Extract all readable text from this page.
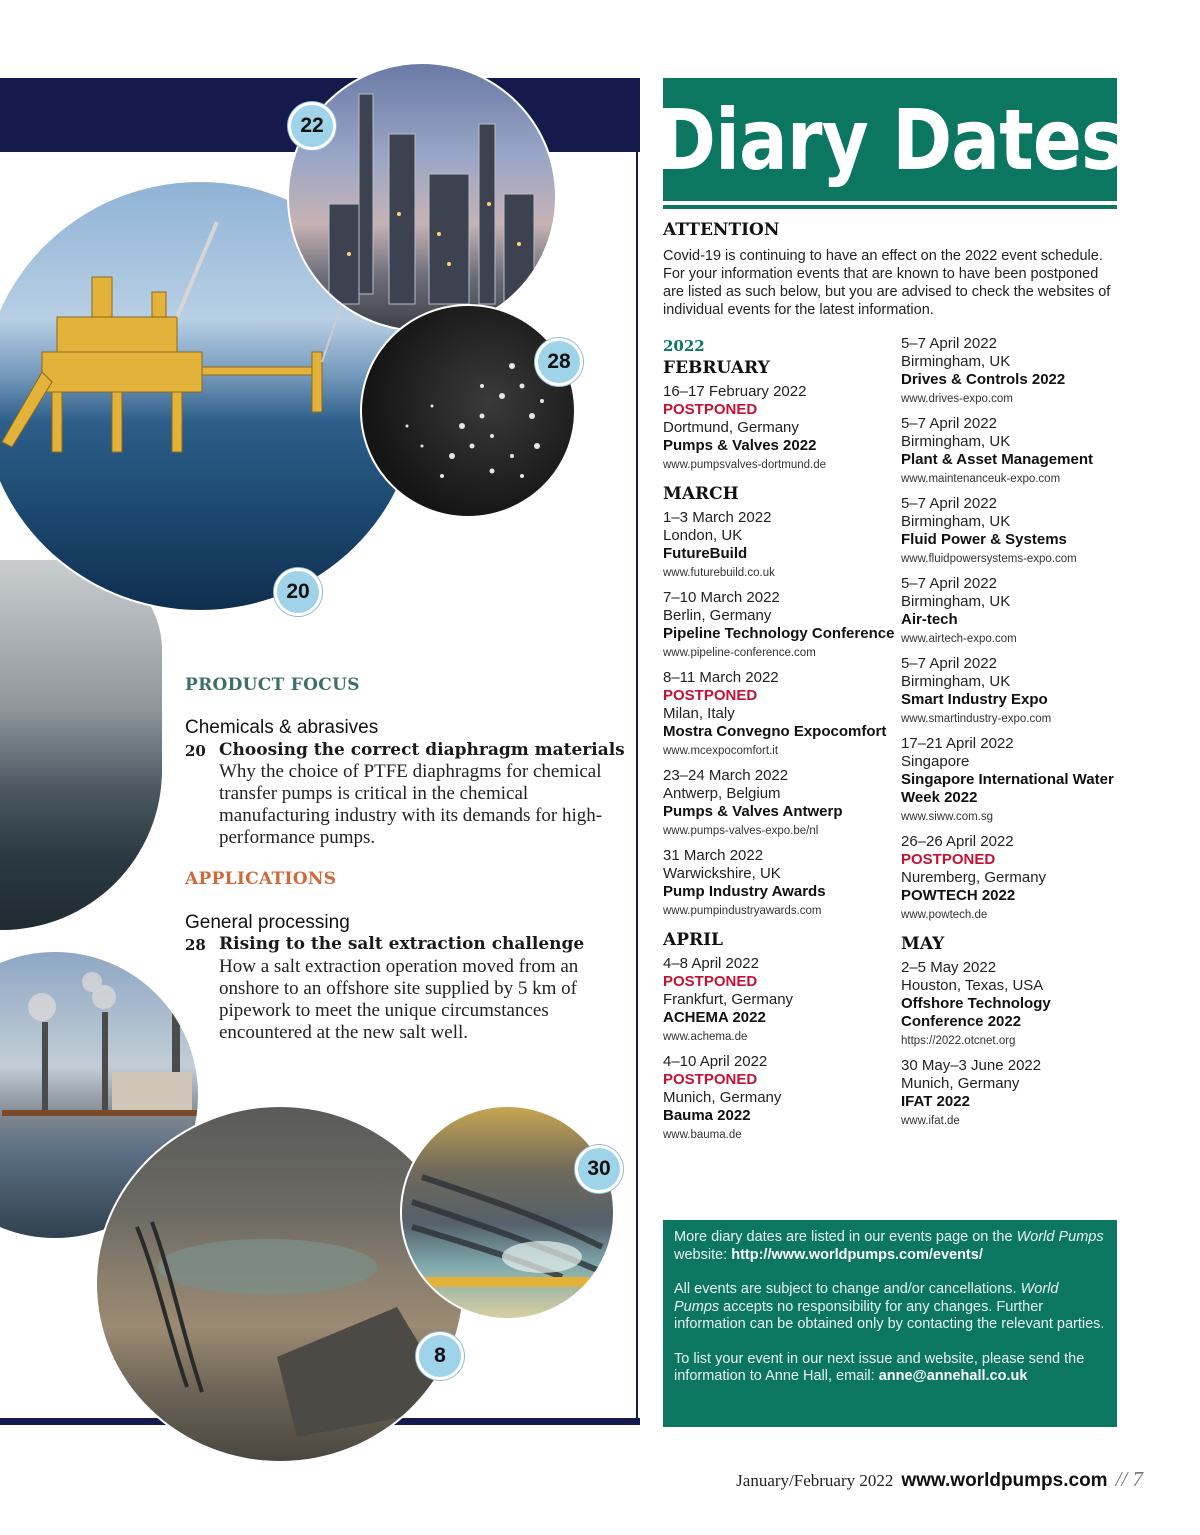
22
28
20
30
8
PRODUCT FOCUS
Chemicals & abrasives
20 Choosing the correct diaphragm materials
Why the choice of PTFE diaphragms for chemical transfer pumps is critical in the chemical manufacturing industry with its demands for high-performance pumps.
APPLICATIONS
General processing
28 Rising to the salt extraction challenge
How a salt extraction operation moved from an onshore to an offshore site supplied by 5 km of pipework to meet the unique circumstances encountered at the new salt well.
Diary Dates
ATTENTION
Covid-19 is continuing to have an effect on the 2022 event schedule. For your information events that are known to have been postponed are listed as such below, but you are advised to check the websites of individual events for the latest information.
2022
FEBRUARY
16–17 February 2022
POSTPONED
Dortmund, Germany
Pumps & Valves 2022
www.pumpsvalves-dortmund.de
MARCH
1–3 March 2022
London, UK
FutureBuild
www.futurebuild.co.uk
7–10 March 2022
Berlin, Germany
Pipeline Technology Conference
www.pipeline-conference.com
8–11 March 2022
POSTPONED
Milan, Italy
Mostra Convegno Expocomfort
www.mcexpocomfort.it
23–24 March 2022
Antwerp, Belgium
Pumps & Valves Antwerp
www.pumps-valves-expo.be/nl
31 March 2022
Warwickshire, UK
Pump Industry Awards
www.pumpindustryawards.com
APRIL
4–8 April 2022
POSTPONED
Frankfurt, Germany
ACHEMA 2022
www.achema.de
4–10 April 2022
POSTPONED
Munich, Germany
Bauma 2022
www.bauma.de
5–7 April 2022
Birmingham, UK
Drives & Controls 2022
www.drives-expo.com
5–7 April 2022
Birmingham, UK
Plant & Asset Management
www.maintenanceuk-expo.com
5–7 April 2022
Birmingham, UK
Fluid Power & Systems
www.fluidpowersystems-expo.com
5–7 April 2022
Birmingham, UK
Air-tech
www.airtech-expo.com
5–7 April 2022
Birmingham, UK
Smart Industry Expo
www.smartindustry-expo.com
17–21 April 2022
Singapore
Singapore International Water Week 2022
www.siww.com.sg
26–26 April 2022
POSTPONED
Nuremberg, Germany
POWTECH 2022
www.powtech.de
MAY
2–5 May 2022
Houston, Texas, USA
Offshore Technology Conference 2022
https://2022.otcnet.org
30 May–3 June 2022
Munich, Germany
IFAT 2022
www.ifat.de

More diary dates are listed in our events page on the World Pumps website: http://www.worldpumps.com/events/

All events are subject to change and/or cancellations. World Pumps accepts no responsibility for any changes. Further information can be obtained only by contacting the relevant parties.

To list your event in our next issue and website, please send the information to Anne Hall, email: anne@annehall.co.uk

January/February 2022 www.worldpumps.com // 7
